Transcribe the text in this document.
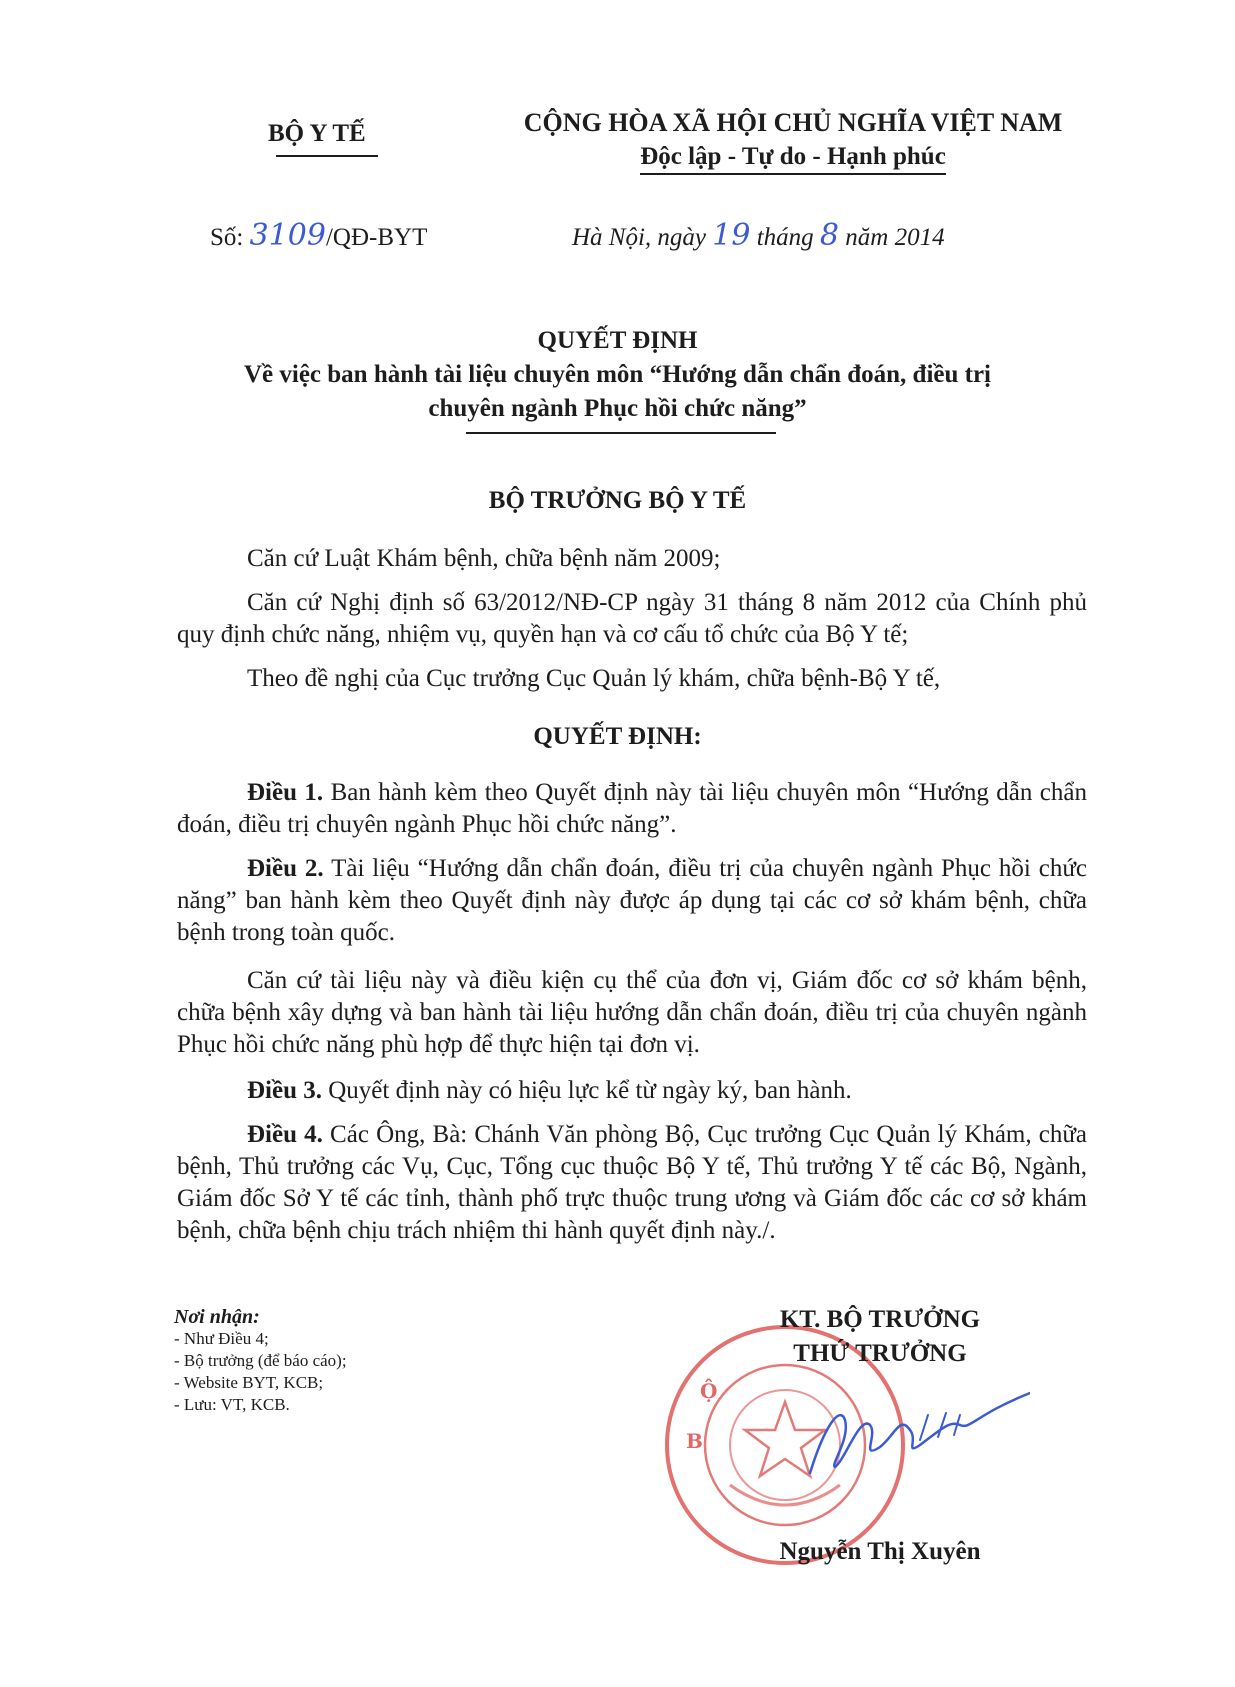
BỘ Y TẾ	CỘNG HÒA XÃ HỘI CHỦ NGHĨA VIỆT NAM
Độc lập - Tự do - Hạnh phúc
Số: 3109/QĐ-BYT	Hà Nội, ngày 19 tháng 8 năm 2014
QUYẾT ĐỊNH
Về việc ban hành tài liệu chuyên môn “Hướng dẫn chẩn đoán, điều trị
chuyên ngành Phục hồi chức năng”
BỘ TRƯỞNG BỘ Y TẾ
Căn cứ Luật Khám bệnh, chữa bệnh năm 2009;
Căn cứ Nghị định số 63/2012/NĐ-CP ngày 31 tháng 8 năm 2012 của Chính phủ quy định chức năng, nhiệm vụ, quyền hạn và cơ cấu tổ chức của Bộ Y tế;
Theo đề nghị của Cục trưởng Cục Quản lý khám, chữa bệnh-Bộ Y tế,
QUYẾT ĐỊNH:
Điều 1. Ban hành kèm theo Quyết định này tài liệu chuyên môn “Hướng dẫn chẩn đoán, điều trị chuyên ngành Phục hồi chức năng”.
Điều 2. Tài liệu “Hướng dẫn chẩn đoán, điều trị của chuyên ngành Phục hồi chức năng” ban hành kèm theo Quyết định này được áp dụng tại các cơ sở khám bệnh, chữa bệnh trong toàn quốc.
Căn cứ tài liệu này và điều kiện cụ thể của đơn vị, Giám đốc cơ sở khám bệnh, chữa bệnh xây dựng và ban hành tài liệu hướng dẫn chẩn đoán, điều trị của chuyên ngành Phục hồi chức năng phù hợp để thực hiện tại đơn vị.
Điều 3. Quyết định này có hiệu lực kể từ ngày ký, ban hành.
Điều 4. Các Ông, Bà: Chánh Văn phòng Bộ, Cục trưởng Cục Quản lý Khám, chữa bệnh, Thủ trưởng các Vụ, Cục, Tổng cục thuộc Bộ Y tế, Thủ trưởng Y tế các Bộ, Ngành, Giám đốc Sở Y tế các tỉnh, thành phố trực thuộc trung ương và Giám đốc các cơ sở khám bệnh, chữa bệnh chịu trách nhiệm thi hành quyết định này./.
Nơi nhận:
- Như Điều 4;
- Bộ trưởng (để báo cáo);
- Website BYT, KCB;
- Lưu: VT, KCB.
B
Ộ
KT. BỘ TRƯỞNG
THỨ TRƯỞNG
Nguyễn Thị Xuyên
